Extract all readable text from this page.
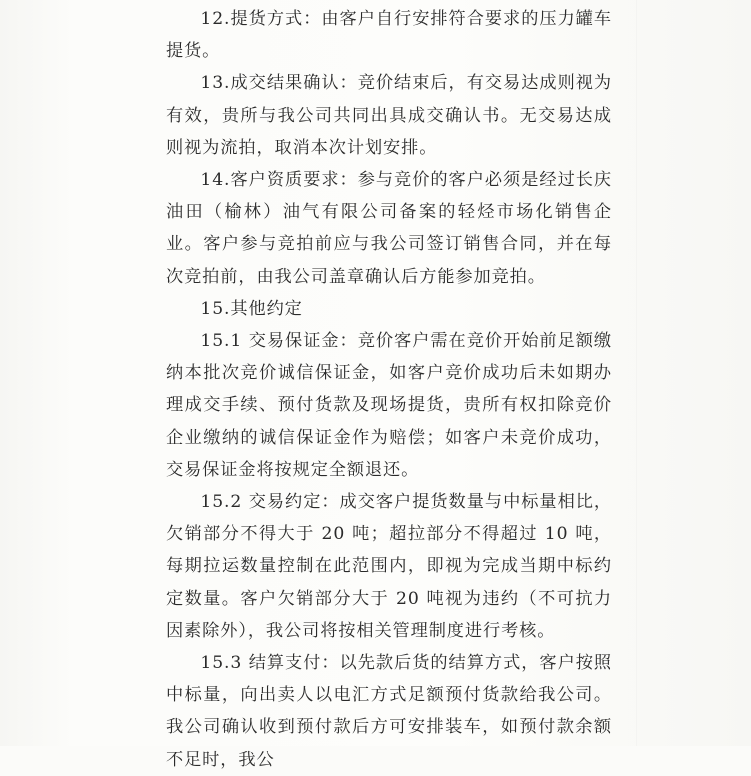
12.提货方式：由客户自行安排符合要求的压力罐车提货。

13.成交结果确认：竞价结束后，有交易达成则视为有效，贵所与我公司共同出具成交确认书。无交易达成则视为流拍，取消本次计划安排。

14.客户资质要求：参与竞价的客户必须是经过长庆油田（榆林）油气有限公司备案的轻烃市场化销售企业。客户参与竞拍前应与我公司签订销售合同，并在每次竞拍前，由我公司盖章确认后方能参加竞拍。

15.其他约定

15.1 交易保证金：竞价客户需在竞价开始前足额缴纳本批次竞价诚信保证金，如客户竞价成功后未如期办理成交手续、预付货款及现场提货，贵所有权扣除竞价企业缴纳的诚信保证金作为赔偿；如客户未竞价成功，交易保证金将按规定全额退还。

15.2 交易约定：成交客户提货数量与中标量相比，欠销部分不得大于 20 吨；超拉部分不得超过 10 吨，每期拉运数量控制在此范围内，即视为完成当期中标约定数量。客户欠销部分大于 20 吨视为违约（不可抗力因素除外），我公司将按相关管理制度进行考核。

15.3 结算支付：以先款后货的结算方式，客户按照中标量，向出卖人以电汇方式足额预付货款给我公司。我公司确认收到预付款后方可安排装车，如预付款余额不足时，我公
